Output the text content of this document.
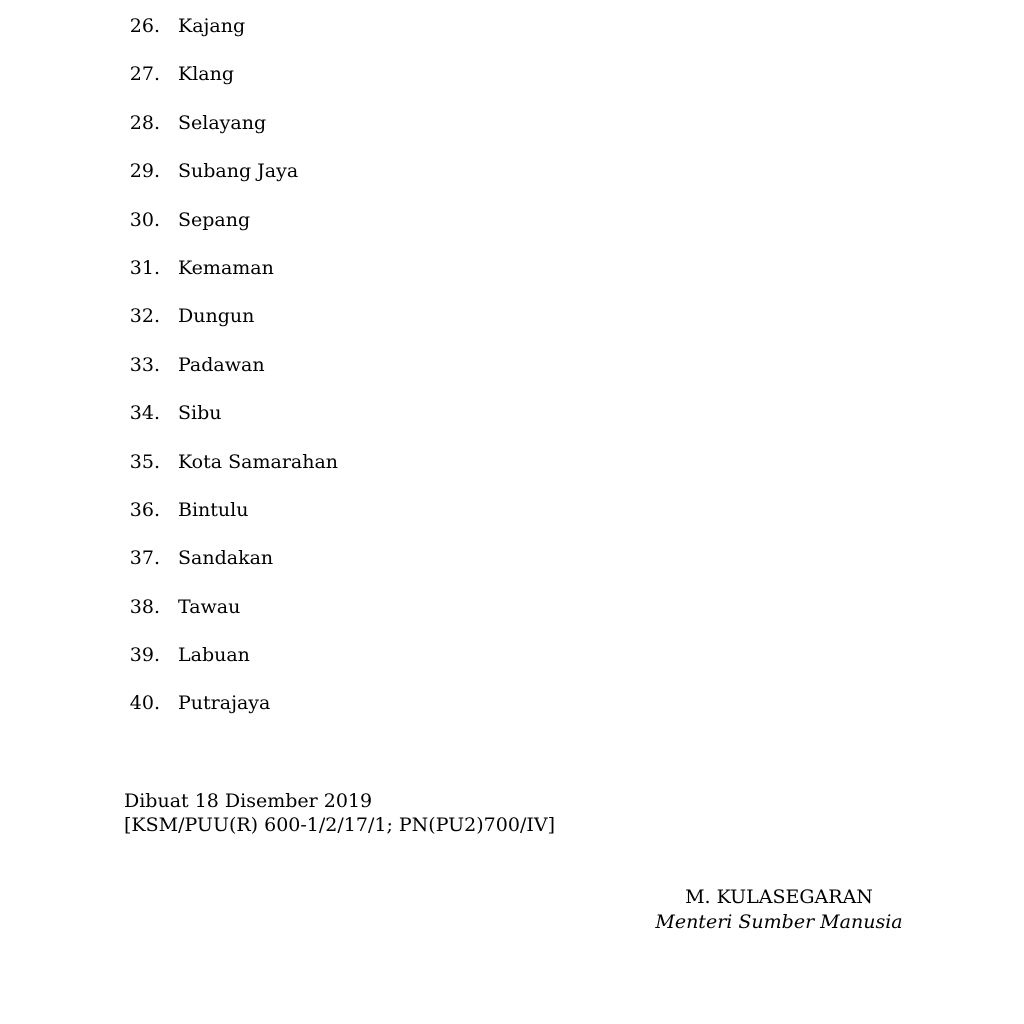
26. Kajang
27. Klang
28. Selayang
29. Subang Jaya
30. Sepang
31. Kemaman
32. Dungun
33. Padawan
34. Sibu
35. Kota Samarahan
36. Bintulu
37. Sandakan
38. Tawau
39. Labuan
40. Putrajaya
Dibuat 18 Disember 2019
[KSM/PUU(R) 600-1/2/17/1; PN(PU2)700/IV]
M. KULASEGARAN
Menteri Sumber Manusia
